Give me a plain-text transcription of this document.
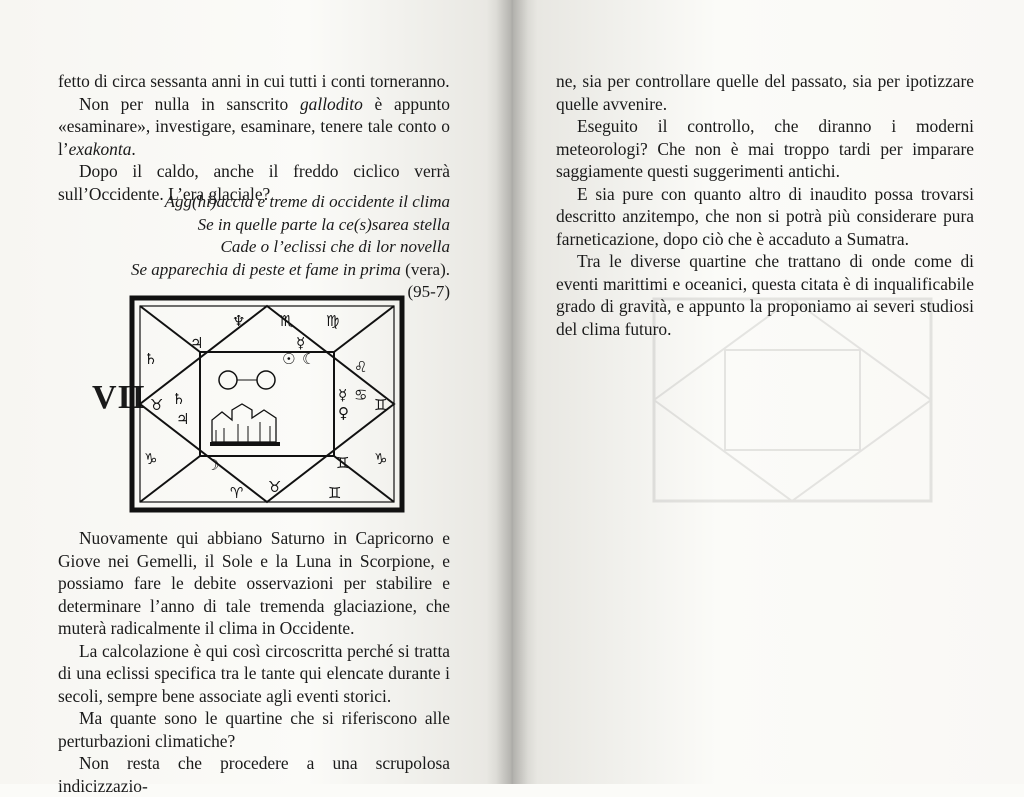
fetto di circa sessanta anni in cui tutti i conti torneranno.

Non per nulla in sanscrito gallodito è appunto «esaminare», investigare, esaminare, tenere tale conto o l’exakonta.

Dopo il caldo, anche il freddo ciclico verrà sull’Occidente. L’era glaciale?

Agg(hi)accia e treme di occidente il clima
Se in quelle parte la ce(s)sarea stella
Cade o l’eclissi che di lor novella
Se apparechia di peste et fame in prima (vera).
(95-7)
VII
♆ ♏ ♍
♃	☿
☉ ☾	♌
♄
♉ ♄
♃
☿
♀
♋
♊
♑	☽	♊ ♑
♈ ♉	♊

Nuovamente qui abbiano Saturno in Capricorno e Giove nei Gemelli, il Sole e la Luna in Scorpione, e possiamo fare le debite osservazioni per stabilire e determinare l’anno di tale tremenda glaciazione, che muterà radicalmente il clima in Occidente.

La calcolazione è qui così circoscritta perché si tratta di una eclissi specifica tra le tante qui elencate durante i secoli, sempre bene associate agli eventi storici.

Ma quante sono le quartine che si riferiscono alle perturbazioni climatiche?

Non resta che procedere a una scrupolosa indicizzazio-

ne, sia per controllare quelle del passato, sia per ipotizzare quelle avvenire.

Eseguito il controllo, che diranno i moderni meteorologi? Che non è mai troppo tardi per imparare saggiamente questi suggerimenti antichi.

E sia pure con quanto altro di inaudito possa trovarsi descritto anzitempo, che non si potrà più considerare pura farneticazione, dopo ciò che è accaduto a Sumatra.

Tra le diverse quartine che trattano di onde come di eventi marittimi e oceanici, questa citata è di inqualificabile grado di gravità, e appunto la proponiamo ai severi studiosi del clima futuro.
